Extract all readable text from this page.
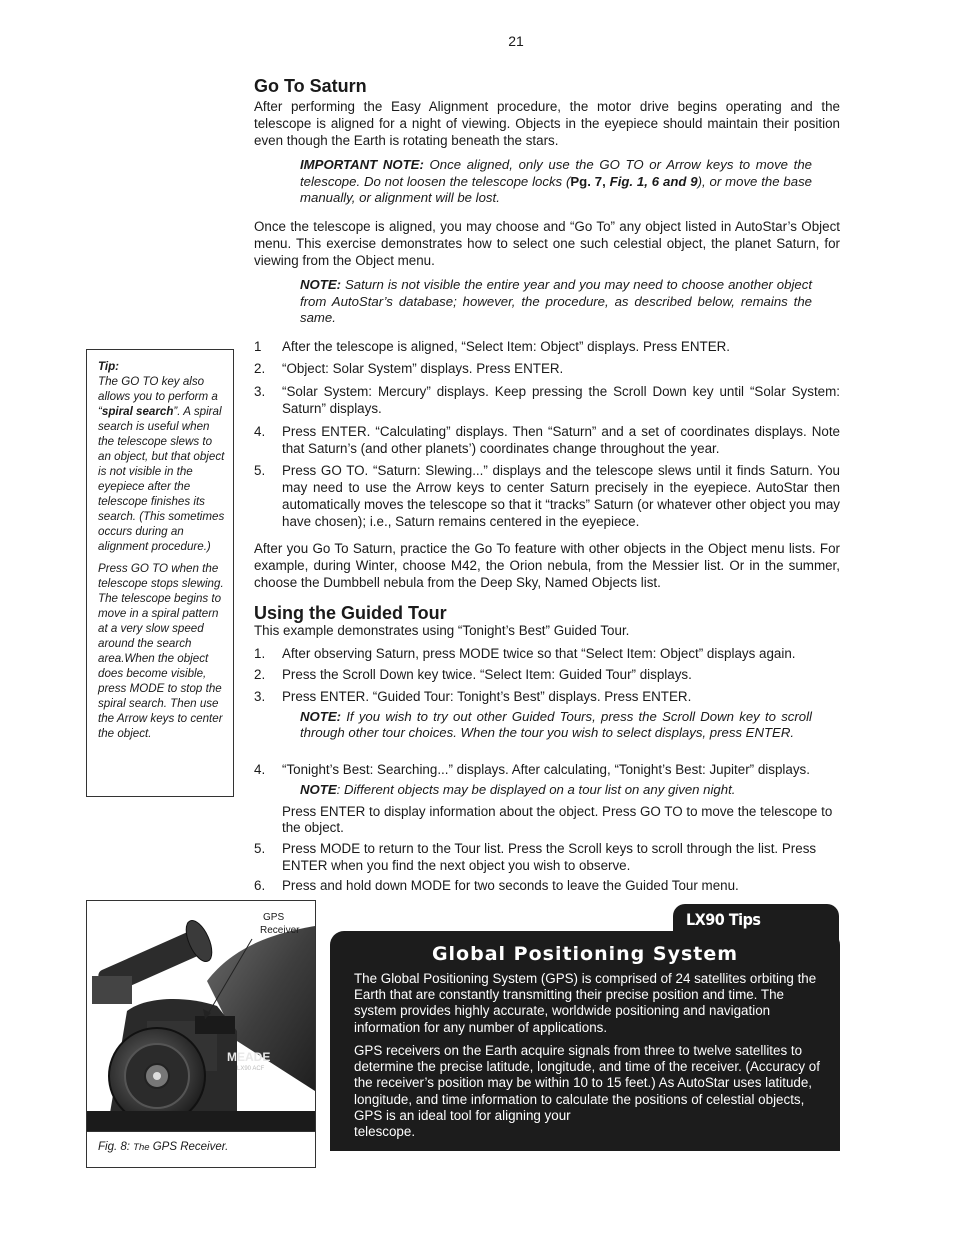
21
Go To Saturn
After performing the Easy Alignment procedure, the motor drive begins operating and the telescope is aligned for a night of viewing. Objects in the eyepiece should maintain their position even though the Earth is rotating beneath the stars.
IMPORTANT NOTE: Once aligned, only use the GO TO or Arrow keys to move the telescope. Do not loosen the telescope locks (Pg. 7, Fig. 1, 6 and 9), or move the base manually, or alignment will be lost.
Once the telescope is aligned, you may choose and “Go To” any object listed in AutoStar’s Object menu. This exercise demonstrates how to select one such celestial object, the planet Saturn, for viewing from the Object menu.
NOTE: Saturn is not visible the entire year and you may need to choose another object from AutoStar’s database; however, the procedure, as described below, remains the same.
1 After the telescope is aligned, “Select Item: Object” displays. Press ENTER.
2. “Object: Solar System” displays. Press ENTER.
3. “Solar System: Mercury” displays. Keep pressing the Scroll Down key until “Solar System: Saturn” displays.
4. Press ENTER. “Calculating” displays. Then “Saturn” and a set of coordinates displays. Note that Saturn’s (and other planets’) coordinates change throughout the year.
5. Press GO TO. “Saturn: Slewing...” displays and the telescope slews until it finds Saturn. You may need to use the Arrow keys to center Saturn precisely in the eyepiece. AutoStar then automatically moves the telescope so that it “tracks” Saturn (or whatever other object you may have chosen); i.e., Saturn remains centered in the eyepiece.
After you Go To Saturn, practice the Go To feature with other objects in the Object menu lists. For example, during Winter, choose M42, the Orion nebula, from the Messier list. Or in the summer, choose the Dumbbell nebula from the Deep Sky, Named Objects list.
Using the Guided Tour
This example demonstrates using “Tonight’s Best” Guided Tour.
1. After observing Saturn, press MODE twice so that “Select Item: Object” displays again.
2. Press the Scroll Down key twice. “Select Item: Guided Tour” displays.
3. Press ENTER. “Guided Tour: Tonight’s Best” displays. Press ENTER.
NOTE: If you wish to try out other Guided Tours, press the Scroll Down key to scroll through other tour choices. When the tour you wish to select displays, press ENTER.
4. “Tonight’s Best: Searching...” displays. After calculating, “Tonight’s Best: Jupiter” displays.
NOTE: Different objects may be displayed on a tour list on any given night.
Press ENTER to display information about the object. Press GO TO to move the telescope to the object.
5. Press MODE to return to the Tour list. Press the Scroll keys to scroll through the list. Press ENTER when you find the next object you wish to observe.
6. Press and hold down MODE for two seconds to leave the Guided Tour menu.

Tip:

The GO TO key also allows you to perform a “spiral search”. A spiral search is useful when the telescope slews to an object, but that object is not visible in the eyepiece after the telescope finishes its search. (This sometimes occurs during an alignment procedure.)

Press GO TO when the telescope stops slewing. The telescope begins to move in a spiral pattern at a very slow speed around the search area.When the object does become visible, press MODE to stop the spiral search. Then use the Arrow keys to center the object.

MEADE
LX90 ACF
GPS
Receiver
Fig. 8: The GPS Receiver.
LX90 Tips
Global Positioning System
The Global Positioning System (GPS) is comprised of 24 satellites orbiting the Earth that are constantly transmitting their precise position and time. The system provides highly accurate, worldwide positioning and navigation information for any number of applications.
GPS receivers on the Earth acquire signals from three to twelve satellites to determine the precise latitude, longitude, and time of the receiver. (Accuracy of the receiver’s position may be within 10 to 15 feet.) As AutoStar uses latitude, longitude, and time information to calculate the positions of celestial objects, GPS is an ideal tool for aligning your
telescope.
